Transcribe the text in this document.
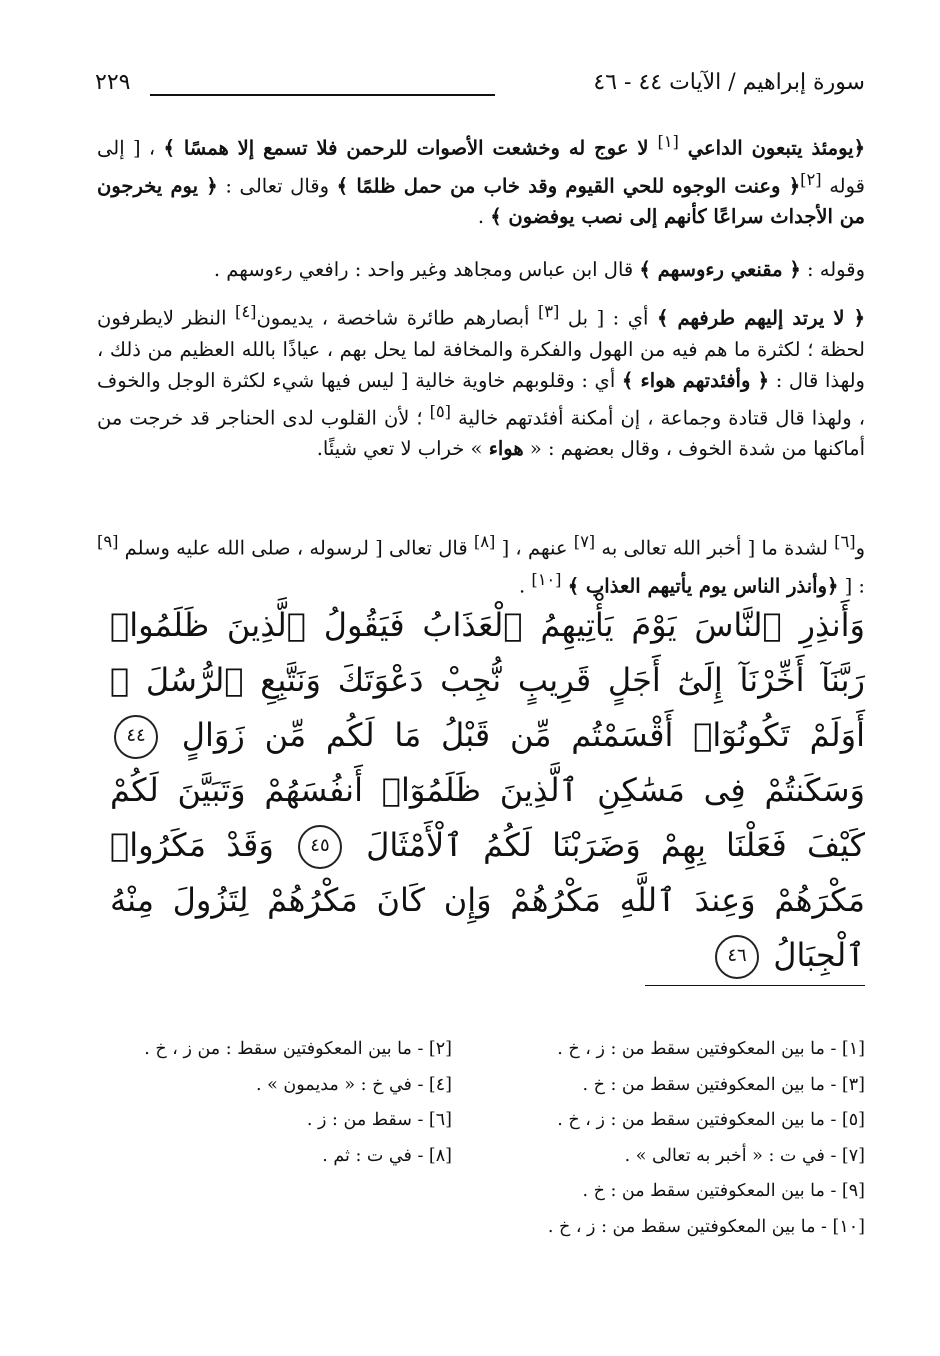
سورة إبراهيم / الآيات ٤٤ - ٤٦
٢٢٩
﴿يومئذ يتبعون الداعي [١] لا عوج له وخشعت الأصوات للرحمن فلا تسمع إلا همسًا ﴾ ، [ إلى قوله [٢]﴿ وعنت الوجوه للحي القيوم وقد خاب من حمل ظلمًا ﴾ وقال تعالى : ﴿ يوم يخرجون من الأجداث سراعًا كأنهم إلى نصب يوفضون ﴾ .
وقوله : ﴿ مقنعي رءوسهم ﴾ قال ابن عباس ومجاهد وغير واحد : رافعي رءوسهم .
﴿ لا يرتد إليهم طرفهم ﴾ أي : [ بل [٣] أبصارهم طائرة شاخصة ، يديمون[٤] النظر لايطرفون لحظة ؛ لكثرة ما هم فيه من الهول والفكرة والمخافة لما يحل بهم ، عياذًا بالله العظيم من ذلك ، ولهذا قال : ﴿ وأفئدتهم هواء ﴾ أي : وقلوبهم خاوية خالية [ ليس فيها شيء لكثرة الوجل والخوف ، ولهذا قال قتادة وجماعة ، إن أمكنة أفئدتهم خالية [٥] ؛ لأن القلوب لدى الحناجر قد خرجت من أماكنها من شدة الخوف ، وقال بعضهم : « هواء » خراب لا تعي شيئًا.
و[٦] لشدة ما [ أخبر الله تعالى به [٧] عنهم ، [ [٨] قال تعالى [ لرسوله ، صلى الله عليه وسلم [٩] : [ ﴿وأنذر الناس يوم يأتيهم العذاب ﴾ [١٠] .
وَأَنذِرِ ٱلنَّاسَ يَوْمَ يَأْتِيهِمُ ٱلْعَذَابُ فَيَقُولُ ٱلَّذِينَ ظَلَمُوا۟ رَبَّنَآ أَخِّرْنَآ إِلَىٰٓ أَجَلٍ قَرِيبٍ نُّجِبْ دَعْوَتَكَ وَنَتَّبِعِ ٱلرُّسُلَ ۗ أَوَلَمْ تَكُونُوٓا۟ أَقْسَمْتُم مِّن قَبْلُ مَا لَكُم مِّن زَوَالٍ ٤٤ وَسَكَنتُمْ فِى مَسَٰكِنِ ٱلَّذِينَ ظَلَمُوٓا۟ أَنفُسَهُمْ وَتَبَيَّنَ لَكُمْ كَيْفَ فَعَلْنَا بِهِمْ وَضَرَبْنَا لَكُمُ ٱلْأَمْثَالَ ٤٥ وَقَدْ مَكَرُوا۟ مَكْرَهُمْ وَعِندَ ٱللَّهِ مَكْرُهُمْ وَإِن كَانَ مَكْرُهُمْ لِتَزُولَ مِنْهُ ٱلْجِبَالُ ٤٦
[١] - ما بين المعكوفتين سقط من : ز ، خ .
[٣] - ما بين المعكوفتين سقط من : خ .
[٥] - ما بين المعكوفتين سقط من : ز ، خ .
[٧] - في ت : « أخبر به تعالى » .
[٩] - ما بين المعكوفتين سقط من : خ .
[١٠] - ما بين المعكوفتين سقط من : ز ، خ .
[٢] - ما بين المعكوفتين سقط : من ز ، خ .
[٤] - في خ : « مديمون » .
[٦] - سقط من : ز .
[٨] - في ت : ثم .
